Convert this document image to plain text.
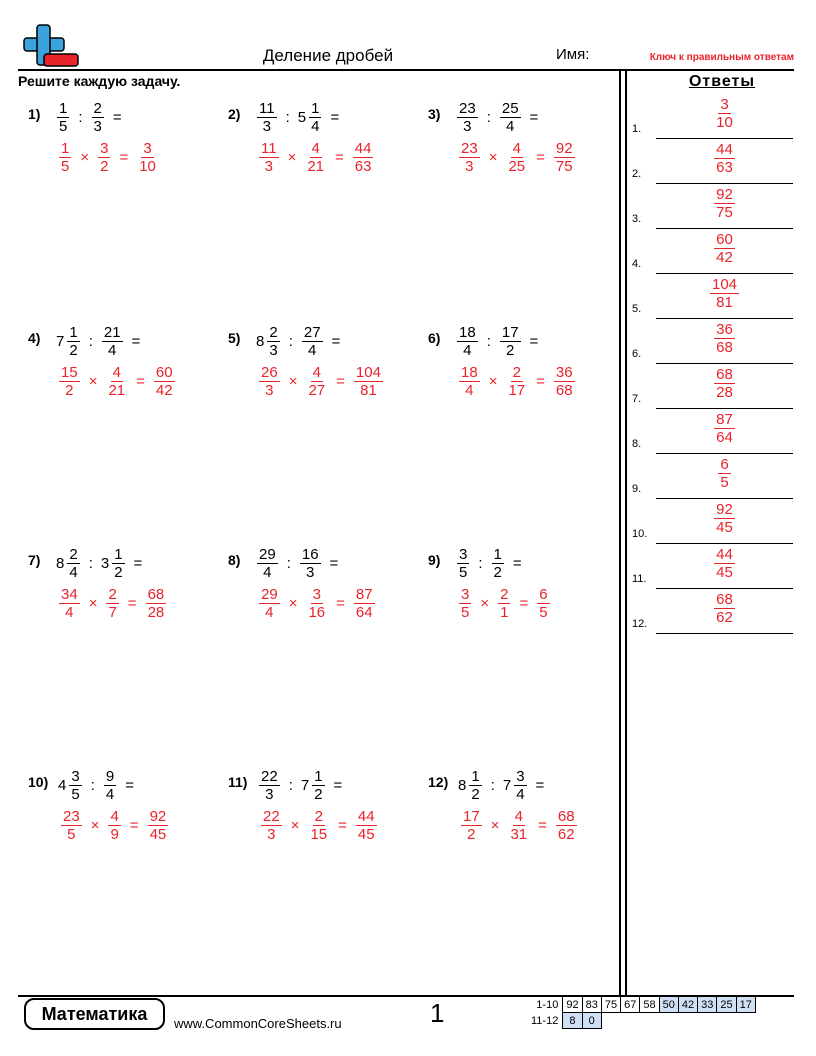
Деление дробей	Имя:	Ключ к правильным ответам
Решите каждую задачу.	Ответы
$1) \frac{1}{5}$ : $\frac{2}{3}$ =
$\frac{1}{5} \times \frac{3}{2} = \frac{3}{10}$
$2) \frac{11}{3}$ : $5 \frac{1}{4}$ =
$\frac{11}{3} \times \frac{4}{21} = \frac{44}{63}$
$3) \frac{23}{3}$ : $\frac{25}{4}$ =
$\frac{23}{3} \times \frac{4}{25} = \frac{92}{75}$
4) $7 \frac{1}{2}$ : $\frac{21}{4}$ =
$\frac{15}{2} \times \frac{4}{21} = \frac{60}{42}$
5) $8 \frac{2}{3}$ : $\frac{27}{4}$ =
$\frac{26}{3} \times \frac{4}{27} = \frac{104}{81}$
$6) \frac{18}{4}$ : $\frac{17}{2}$ =
$\frac{18}{4} \times \frac{2}{17} = \frac{36}{68}$
7) $8 \frac{2}{4}$ : $3 \frac{1}{2}$ =
$\frac{34}{4} \times \frac{2}{7} = \frac{68}{28}$
$8) \frac{29}{4}$ : $\frac{16}{3}$ =
$\frac{29}{4} \times \frac{3}{16} = \frac{87}{64}$
$9) \frac{3}{5}$ : $\frac{1}{2}$ =
$\frac{3}{5} \times \frac{2}{1} = \frac{6}{5}$
10) $4 \frac{3}{5}$ : $\frac{9}{4}$ =
$\frac{23}{5} \times \frac{4}{9} = \frac{92}{45}$
$11) \frac{22}{3}$ : $7 \frac{1}{2}$ =
$\frac{22}{3} \times \frac{2}{15} = \frac{44}{45}$
12) $8 \frac{1}{2}$ : $7 \frac{3}{4}$ =
$\frac{17}{2} \times \frac{4}{31} = \frac{68}{62}$
1.	$\frac{3}{10}$
2.	$\frac{44}{63}$
3.	$\frac{92}{75}$
4.	$\frac{60}{42}$
5.	$\frac{104}{81}$
6.	$\frac{36}{68}$
7.	$\frac{68}{28}$
8.	$\frac{87}{64}$
9.	$\frac{6}{5}$
10.	$\frac{92}{45}$
11.	$\frac{44}{45}$
12.	$\frac{68}{62}$
Математика	www.CommonCoreSheets.ru	1	1-10	92	83	75	67	58	50	42	33	25	17
11-12	8	0								
